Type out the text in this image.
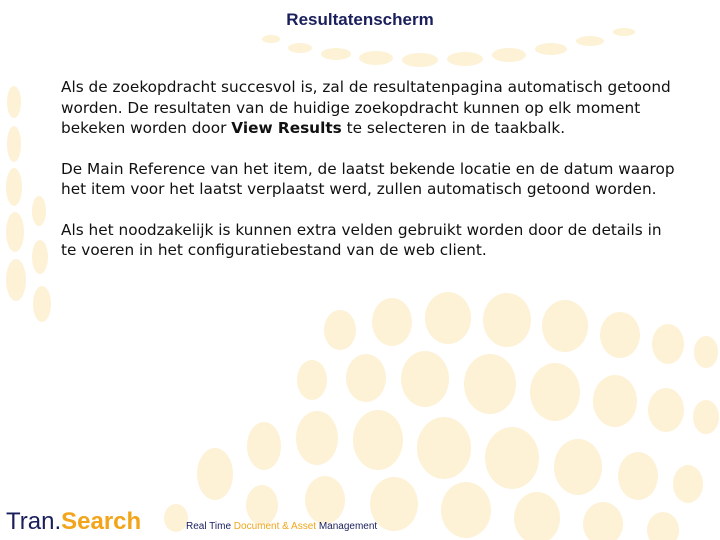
Resultatenscherm

Als de zoekopdracht succesvol is, zal de resultatenpagina automatisch getoond worden. De resultaten van de huidige zoekopdracht kunnen op elk moment bekeken worden door View Results te selecteren in de taakbalk.

De Main Reference van het item, de laatst bekende locatie en de datum waarop het item voor het laatst verplaatst werd, zullen automatisch getoond worden.

Als het noodzakelijk is kunnen extra velden gebruikt worden door de details in te voeren in het configuratiebestand van de web client.

Tran.Search	Real Time Document & Asset Management
